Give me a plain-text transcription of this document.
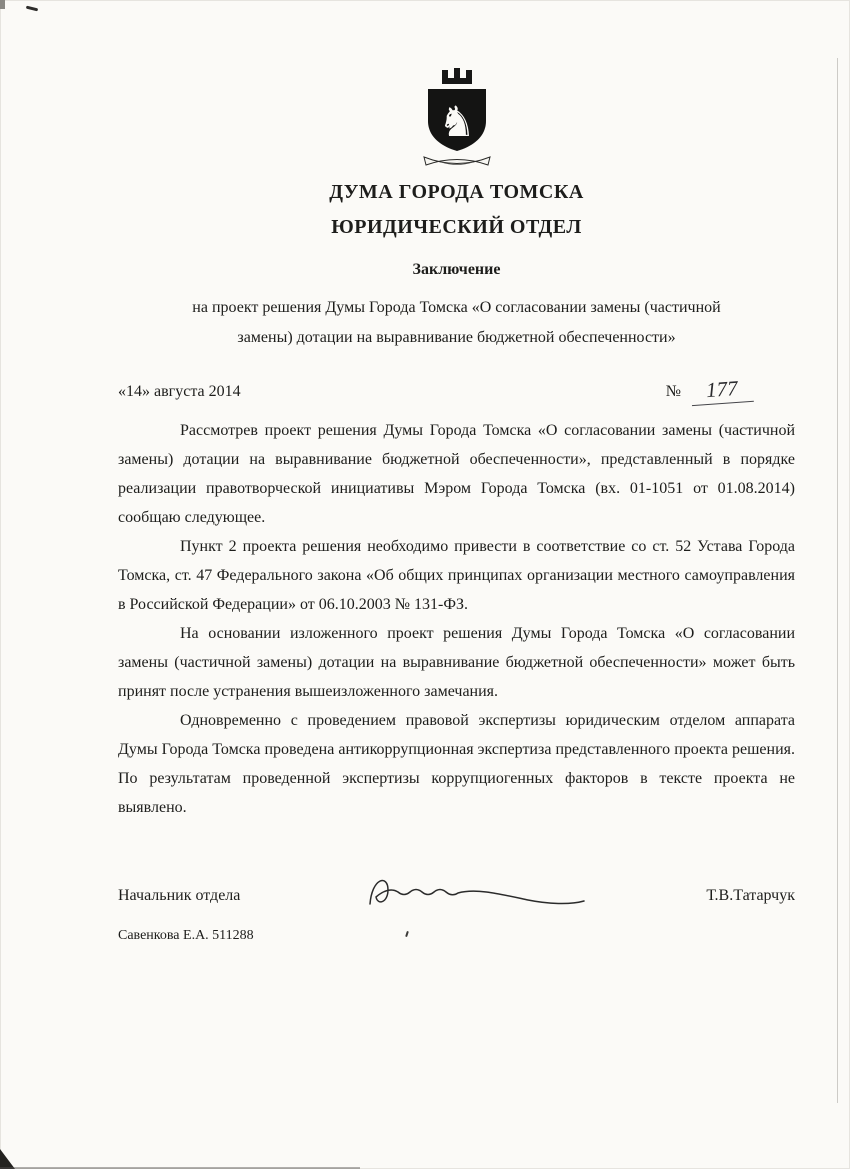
♞
ДУМА ГОРОДА ТОМСКА
ЮРИДИЧЕСКИЙ ОТДЕЛ
Заключение
на проект решения Думы Города Томска «О согласовании замены (частичной
замены) дотации на выравнивание бюджетной обеспеченности»
«14» августа 2014	№	177

Рассмотрев проект решения Думы Города Томска «О согласовании замены (частичной замены) дотации на выравнивание бюджетной обеспеченности», представленный в порядке реализации правотворческой инициативы Мэром Города Томска (вх. 01-1051 от 01.08.2014) сообщаю следующее.

Пункт 2 проекта решения необходимо привести в соответствие со ст. 52 Устава Города Томска, ст. 47 Федерального закона «Об общих принципах организации местного самоуправления в Российской Федерации» от 06.10.2003 № 131-ФЗ.

На основании изложенного проект решения Думы Города Томска «О согласовании замены (частичной замены) дотации на выравнивание бюджетной обеспеченности» может быть принят после устранения вышеизложенного замечания.

Одновременно с проведением правовой экспертизы юридическим отделом аппарата Думы Города Томска проведена антикоррупционная экспертиза представленного проекта решения. По результатам проведенной экспертизы коррупциогенных факторов в тексте проекта не выявлено.

Начальник отдела	Т.В.Татарчук
Савенкова Е.А. 511288
